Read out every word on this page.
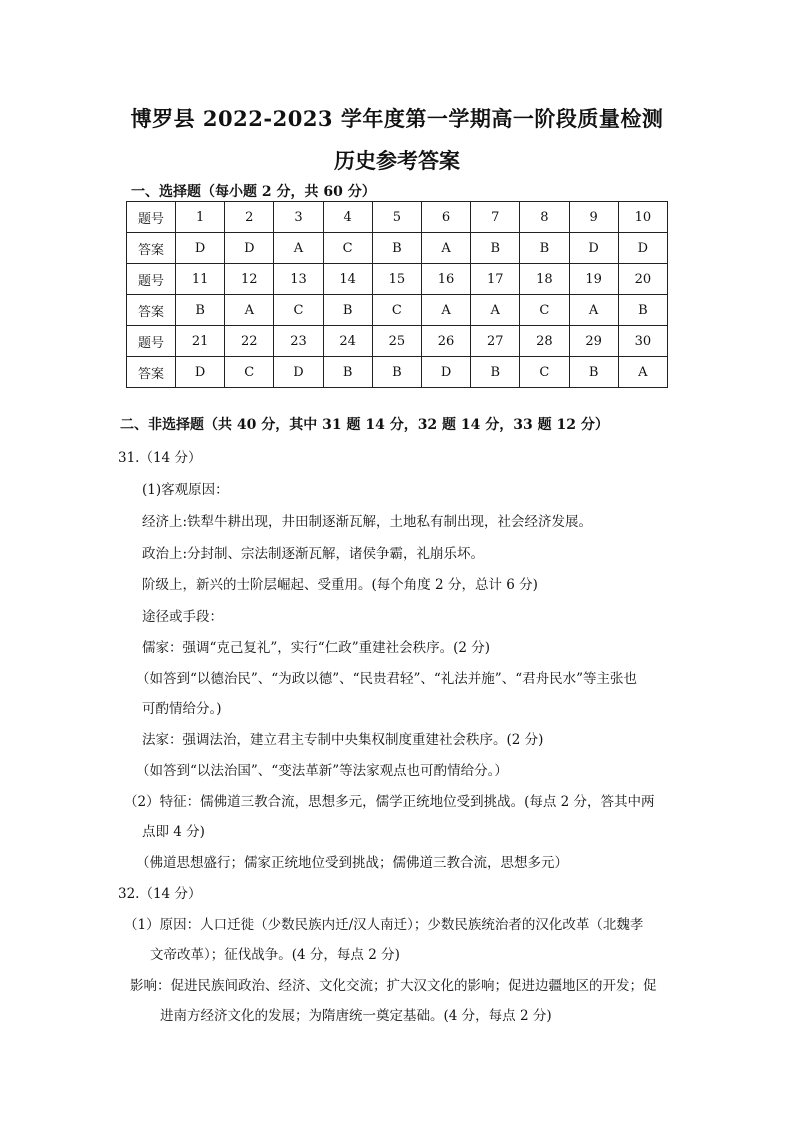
博罗县 2022-2023 学年度第一学期高一阶段质量检测
历史参考答案
一、选择题（每小题 2 分，共 60 分）
题号	1	2	3	4	5	6	7	8	9	10
答案	D	D	A	C	B	A	B	B	D	D
题号	11	12	13	14	15	16	17	18	19	20
答案	B	A	C	B	C	A	A	C	A	B
题号	21	22	23	24	25	26	27	28	29	30
答案	D	C	D	B	B	D	B	C	B	A
二、非选择题（共 40 分，其中 31 题 14 分，32 题 14 分，33 题 12 分）
31.（14 分）
(1)客观原因：
经济上:铁犁牛耕出现，井田制逐渐瓦解，土地私有制出现，社会经济发展。
政治上:分封制、宗法制逐渐瓦解，诸侯争霸，礼崩乐坏。
阶级上，新兴的士阶层崛起、受重用。(每个角度 2 分，总计 6 分)
途径或手段：
儒家：强调“克己复礼”，实行“仁政”重建社会秩序。(2 分)
（如答到“以德治民”、“为政以德”、“民贵君轻”、“礼法并施”、“君舟民水”等主张也
可酌情给分。)
法家：强调法治，建立君主专制中央集权制度重建社会秩序。(2 分)
（如答到“以法治国”、“变法革新”等法家观点也可酌情给分。）
（2）特征：儒佛道三教合流，思想多元，儒学正统地位受到挑战。(每点 2 分，答其中两
点即 4 分)
（佛道思想盛行；儒家正统地位受到挑战；儒佛道三教合流，思想多元）
32.（14 分）
（1）原因：人口迁徙（少数民族内迁/汉人南迁）；少数民族统治者的汉化改革（北魏孝
文帝改革）；征伐战争。(4 分，每点 2 分)
影响：促进民族间政治、经济、文化交流；扩大汉文化的影响；促进边疆地区的开发；促
进南方经济文化的发展；为隋唐统一奠定基础。(4 分，每点 2 分)
